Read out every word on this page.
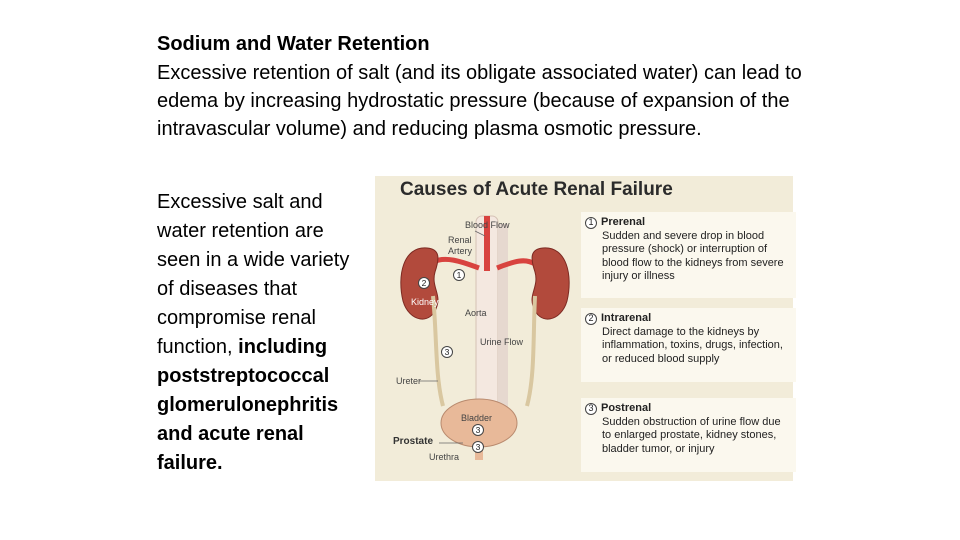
Sodium and Water Retention
Excessive retention of salt (and its obligate associated water) can lead to edema by increasing hydrostatic pressure (because of expansion of the intravascular volume) and reducing plasma osmotic pressure.
Excessive salt and water retention are seen in a wide variety of diseases that compromise renal function, including poststreptococcal glomerulonephritis and acute renal failure.
Causes of Acute Renal Failure
Blood Flow
Renal
Artery
Kidney
Aorta
Urine Flow
Ureter
Bladder
Prostate
Urethra
1
2
3
3
3
1 Prerenal
Sudden and severe drop in blood pressure (shock) or interruption of blood flow to the kidneys from severe injury or illness
2 Intrarenal
Direct damage to the kidneys by inflammation, toxins, drugs, infection, or reduced blood supply
3 Postrenal
Sudden obstruction of urine flow due to enlarged prostate, kidney stones, bladder tumor, or injury
